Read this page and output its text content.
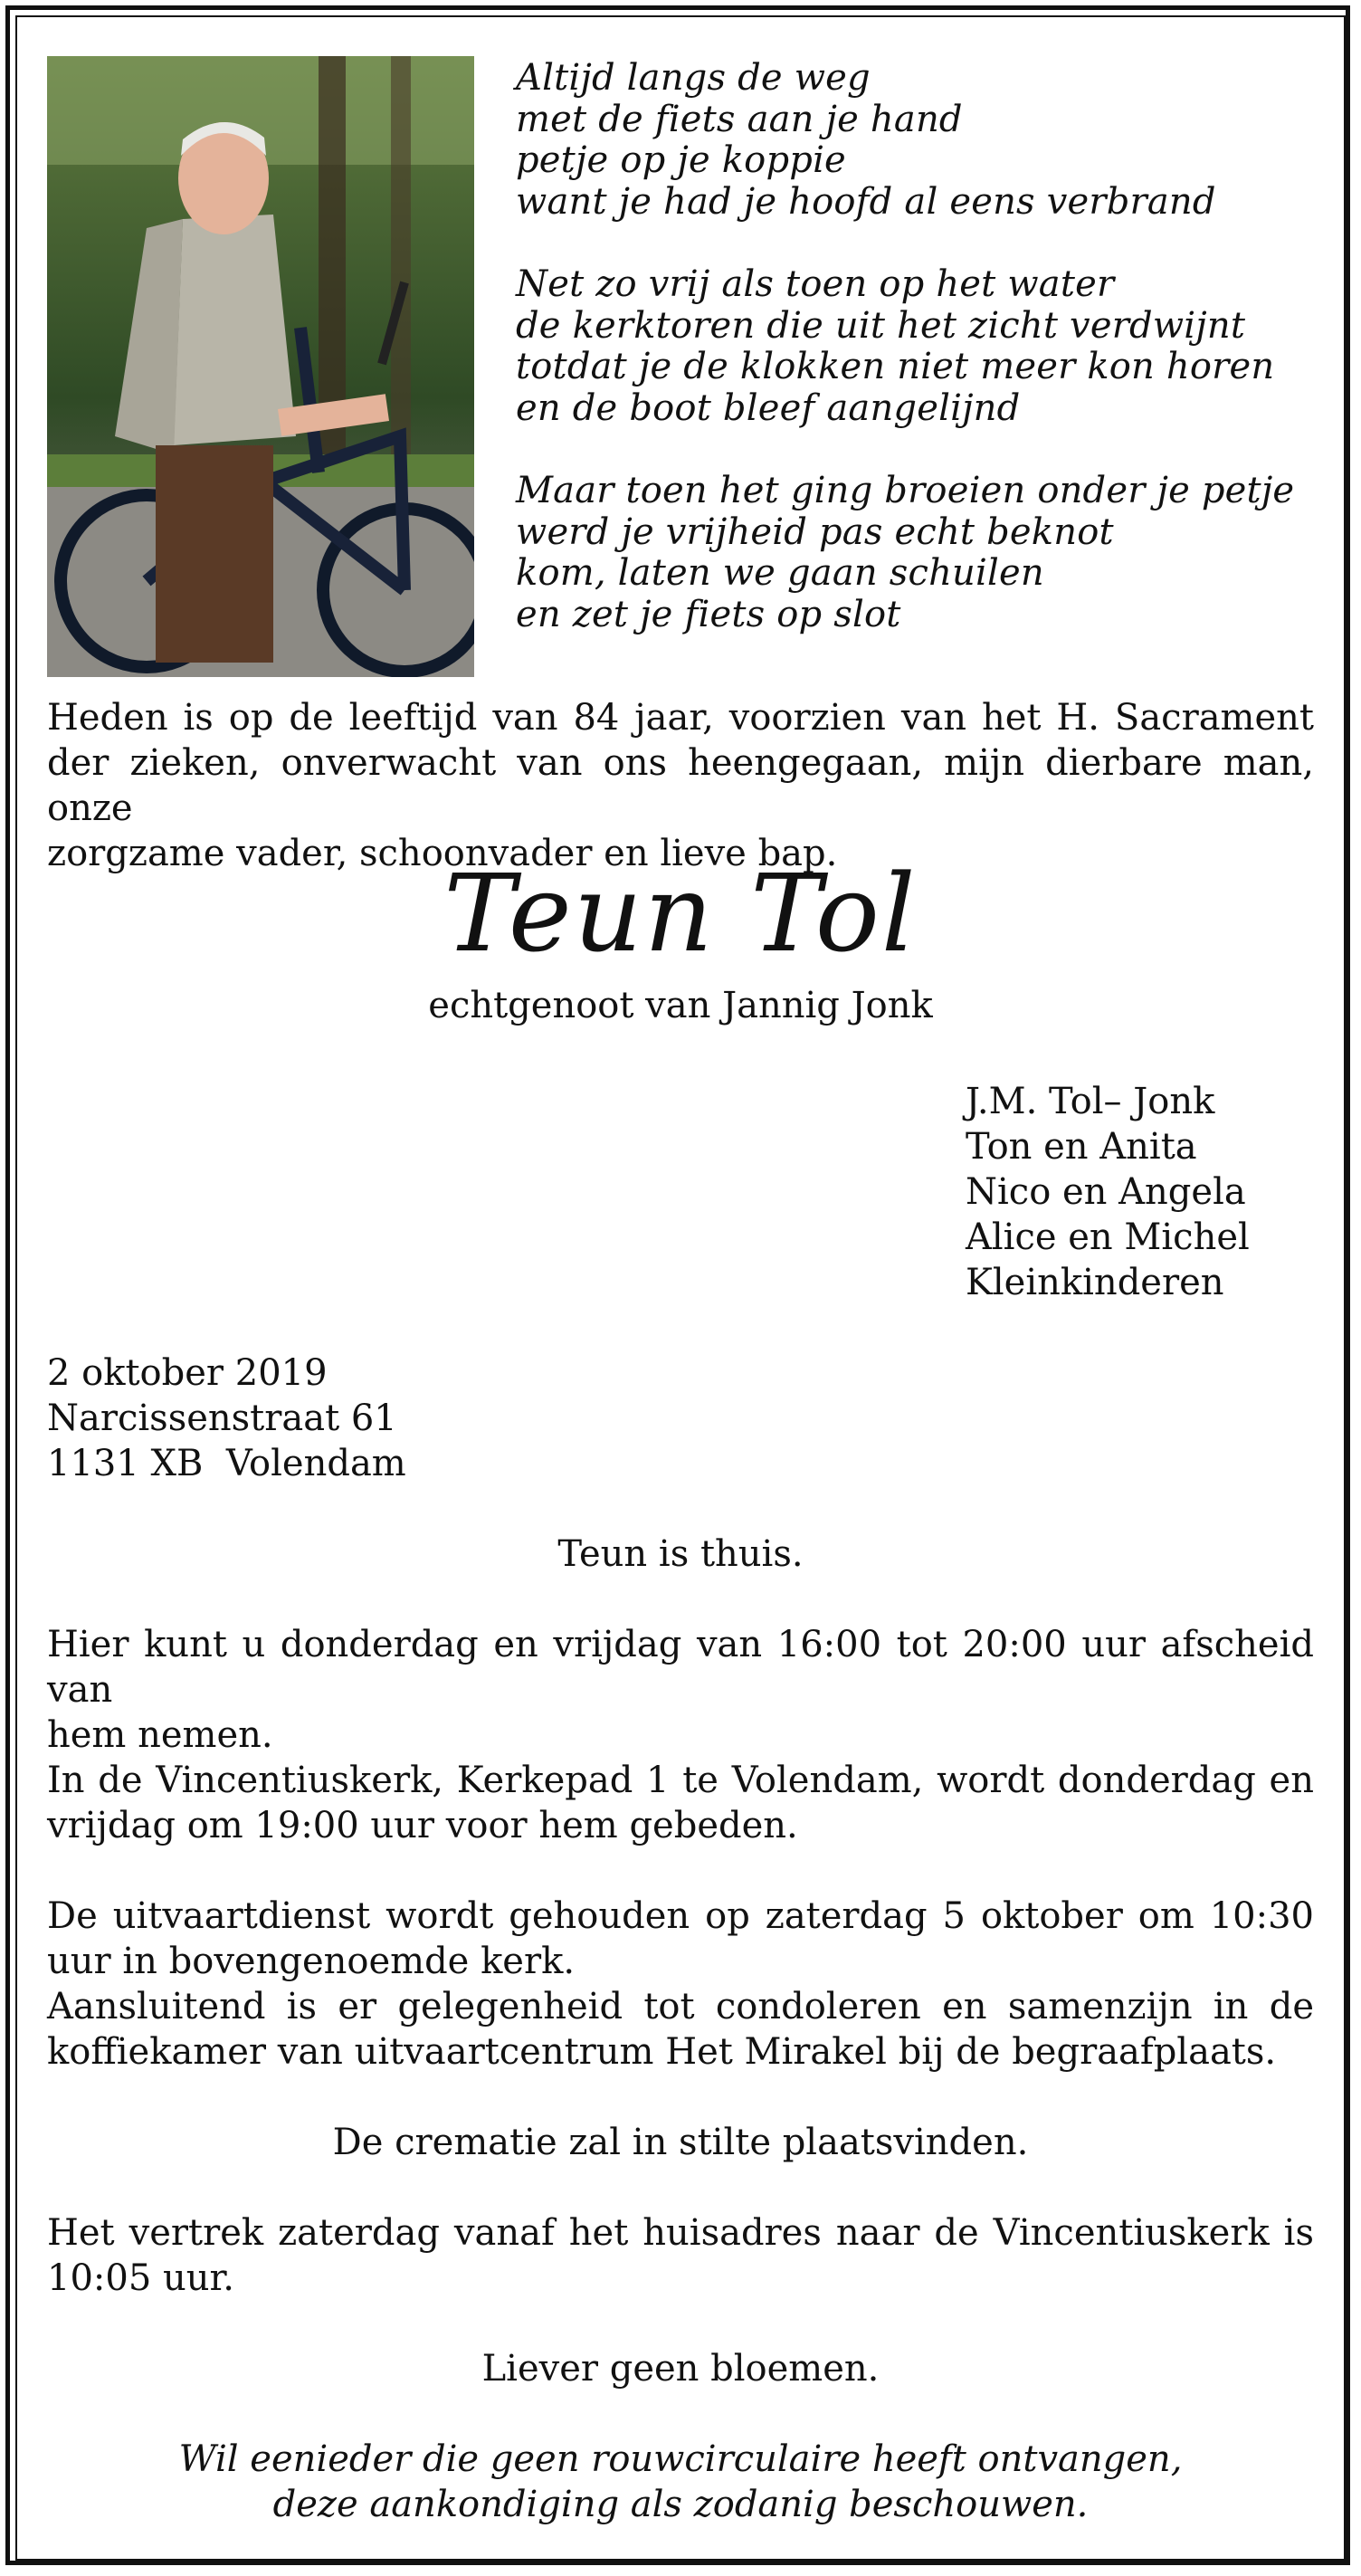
Altijd langs de weg
met de fiets aan je hand
petje op je koppie
want je had je hoofd al eens verbrand
Net zo vrij als toen op het water
de kerktoren die uit het zicht verdwijnt
totdat je de klokken niet meer kon horen
en de boot bleef aangelijnd
Maar toen het ging broeien onder je petje
werd je vrijheid pas echt beknot
kom, laten we gaan schuilen
en zet je fiets op slot
Heden is op de leeftijd van 84 jaar, voorzien van het H. Sacrament
der zieken, onverwacht van ons heengegaan, mijn dierbare man, onze
zorgzame vader, schoonvader en lieve bap.
Teun Tol
echtgenoot van Jannig Jonk
J.M. Tol– Jonk
Ton en Anita
Nico en Angela
Alice en Michel
Kleinkinderen
2 oktober 2019
Narcissenstraat 61
1131 XB  Volendam
Teun is thuis.
Hier kunt u donderdag en vrijdag van 16:00 tot 20:00 uur afscheid van
hem nemen.
In de Vincentiuskerk, Kerkepad 1 te Volendam, wordt donderdag en
vrijdag om 19:00 uur voor hem gebeden.
De uitvaartdienst wordt gehouden op zaterdag 5 oktober om 10:30
uur in bovengenoemde kerk.
Aansluitend is er gelegenheid tot condoleren en samenzijn in de
koffiekamer van uitvaartcentrum Het Mirakel bij de begraafplaats.
De crematie zal in stilte plaatsvinden.
Het vertrek zaterdag vanaf het huisadres naar de Vincentiuskerk is
10:05 uur.
Liever geen bloemen.
Wil eenieder die geen rouwcirculaire heeft ontvangen,
deze aankondiging als zodanig beschouwen.
